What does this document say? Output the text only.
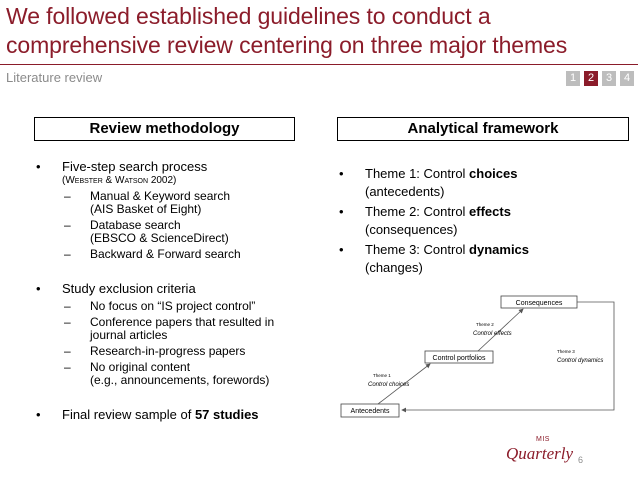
We followed established guidelines to conduct a comprehensive review centering on three major themes
Literature review	1	2	3	4
Review methodology	Analytical framework
• Five-step search process
(Webster & Watson 2002)
– Manual & Keyword search
(AIS Basket of Eight)
– Database search
(EBSCO & ScienceDirect)
– Backward & Forward search
• Study exclusion criteria
– No focus on “IS project control”
– Conference papers that resulted in journal articles
– Research-in-progress papers
– No original content
(e.g., announcements, forewords)
• Final review sample of 57 studies
• Theme 1: Control choices
(antecedents)
• Theme 2: Control effects
(consequences)
• Theme 3: Control dynamics
(changes)
Consequences
Control portfolios
Antecedents
Theme 1
Control choices
Theme 2
Control effects
Theme 3
Control dynamics
MIS
Quarterly 6
